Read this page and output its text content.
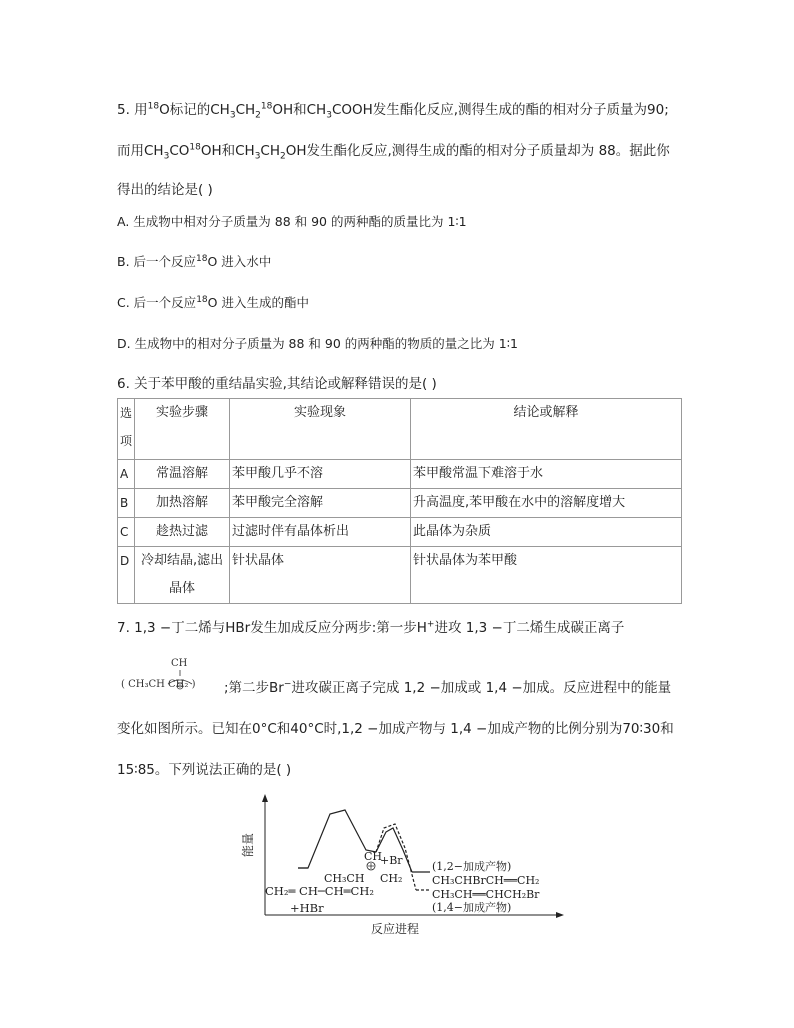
5. 用$^{18}$O标记的$CH_3CH_2^{18}OH$和$CH_3COOH$发生酯化反应,测得生成的酯的相对分子质量为90;
而用$CH_3CO^{18}OH$和$CH_3CH_2OH$发生酯化反应,测得生成的酯的相对分子质量却为 88。据此你
得出的结论是( )
A. 生成物中相对分子质量为 88 和 90 的两种酯的质量比为 1∶1
B. 后一个反应$^{18}$O 进入水中
C. 后一个反应$^{18}$O 进入生成的酯中
D. 生成物中的相对分子质量为 88 和 90 的两种酯的物质的量之比为 1∶1
6. 关于苯甲酸的重结晶实验,其结论或解释错误的是( )
选项	实验步骤	实验现象	结论或解释
A	常温溶解	苯甲酸几乎不溶	苯甲酸常温下难溶于水
B	加热溶解	苯甲酸完全溶解	升高温度,苯甲酸在水中的溶解度增大
C	趁热过滤	过滤时伴有晶体析出	此晶体为杂质
D	冷却结晶,滤出晶体	针状晶体	针状晶体为苯甲酸
7. 1,3 −丁二烯与HBr发生加成反应分两步:第一步H+进攻 1,3 −丁二烯生成碳正离子
CH
( CH₃CH CH₂ ) ;第二步Br−进攻碳正离子完成 1,2 −加成或 1,4 −加成。反应进程中的能量
变化如图所示。已知在0°C和40°C时,1,2 −加成产物与 1,4 −加成产物的比例分别为70∶30和
15∶85。下列说法正确的是( )
能量
反应进程
CH₂═ CH─CH═CH₂
+HBr
CH
+Br
CH₃CH CH₂
(1,2−加成产物)
CH₃CHBrCH══CH₂
CH₃CH══CHCH₂Br
(1,4−加成产物)
